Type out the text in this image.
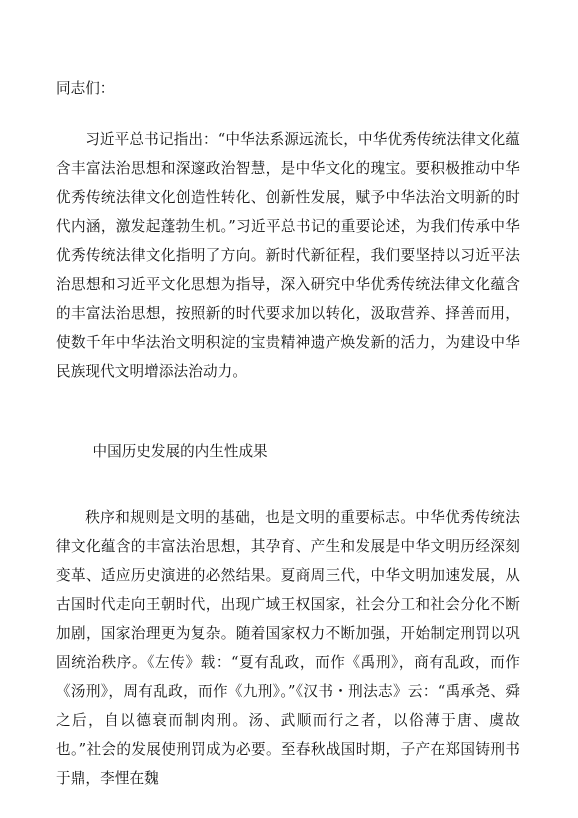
同志们：

习近平总书记指出：“中华法系源远流长，中华优秀传统法律文化蕴含丰富法治思想和深邃政治智慧，是中华文化的瑰宝。要积极推动中华优秀传统法律文化创造性转化、创新性发展，赋予中华法治文明新的时代内涵，激发起蓬勃生机。”习近平总书记的重要论述，为我们传承中华优秀传统法律文化指明了方向。新时代新征程，我们要坚持以习近平法治思想和习近平文化思想为指导，深入研究中华优秀传统法律文化蕴含的丰富法治思想，按照新的时代要求加以转化，汲取营养、择善而用，使数千年中华法治文明积淀的宝贵精神遗产焕发新的活力，为建设中华民族现代文明增添法治动力。

中国历史发展的内生性成果

秩序和规则是文明的基础，也是文明的重要标志。中华优秀传统法律文化蕴含的丰富法治思想，其孕育、产生和发展是中华文明历经深刻变革、适应历史演进的必然结果。夏商周三代，中华文明加速发展，从古国时代走向王朝时代，出现广域王权国家，社会分工和社会分化不断加剧，国家治理更为复杂。随着国家权力不断加强，开始制定刑罚以巩固统治秩序。《左传》载：“夏有乱政，而作《禹刑》，商有乱政，而作《汤刑》，周有乱政，而作《九刑》。”《汉书・刑法志》云：“禹承尧、舜之后，自以德衰而制肉刑。汤、武顺而行之者，以俗薄于唐、虞故也。”社会的发展使刑罚成为必要。至春秋战国时期，子产在郑国铸刑书于鼎，李悝在魏
